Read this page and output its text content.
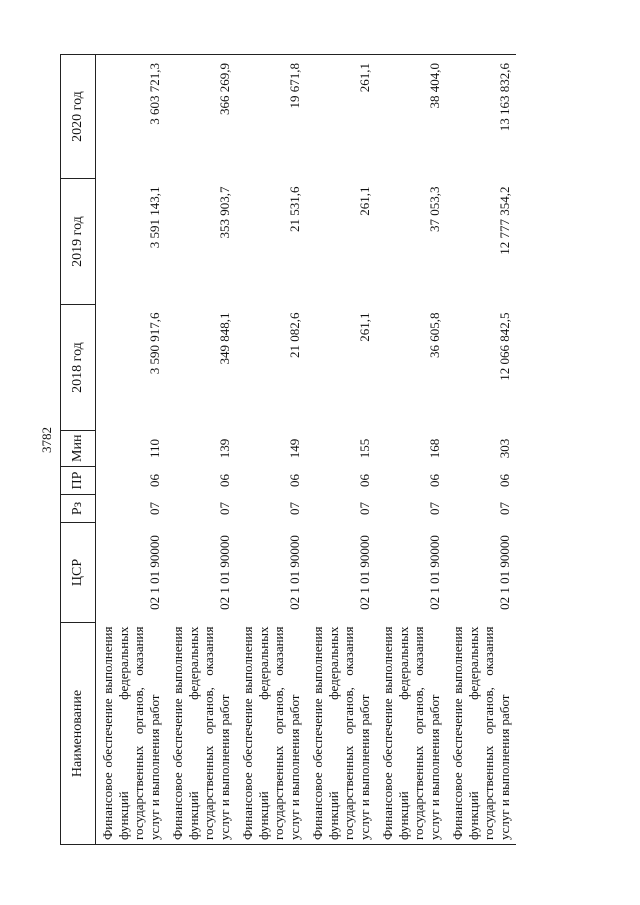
3782
Наименование	ЦСР	Рз	ПР	Мин	2018 год	2019 год	2020 год
Финансовое обеспечение выполнения функций федеральных государственных органов, оказания услуг и выполнения работ	02 1 01 90000	07	06	110	3 590 917,6	3 591 143,1	3 603 721,3
Финансовое обеспечение выполнения функций федеральных государственных органов, оказания услуг и выполнения работ	02 1 01 90000	07	06	139	349 848,1	353 903,7	366 269,9
Финансовое обеспечение выполнения функций федеральных государственных органов, оказания услуг и выполнения работ	02 1 01 90000	07	06	149	21 082,6	21 531,6	19 671,8
Финансовое обеспечение выполнения функций федеральных государственных органов, оказания услуг и выполнения работ	02 1 01 90000	07	06	155	261,1	261,1	261,1
Финансовое обеспечение выполнения функций федеральных государственных органов, оказания услуг и выполнения работ	02 1 01 90000	07	06	168	36 605,8	37 053,3	38 404,0
Финансовое обеспечение выполнения функций федеральных государственных органов, оказания услуг и выполнения работ	02 1 01 90000	07	06	303	12 066 842,5	12 777 354,2	13 163 832,6
